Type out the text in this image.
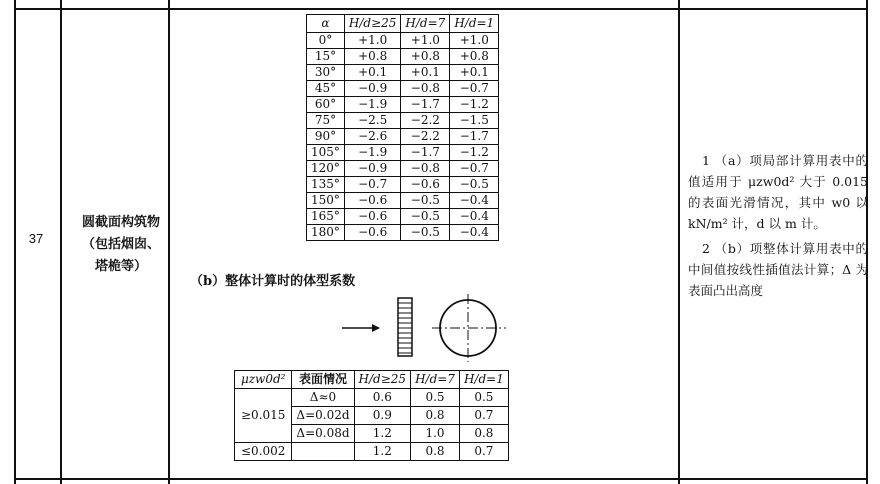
37
圆截面构筑物
（包括烟囱、
塔桅等）
α	H/d≥25	H/d=7	H/d=1
0°	+1.0	+1.0	+1.0
15°	+0.8	+0.8	+0.8
30°	+0.1	+0.1	+0.1
45°	−0.9	−0.8	−0.7
60°	−1.9	−1.7	−1.2
75°	−2.5	−2.2	−1.5
90°	−2.6	−2.2	−1.7
105°	−1.9	−1.7	−1.2
120°	−0.9	−0.8	−0.7
135°	−0.7	−0.6	−0.5
150°	−0.6	−0.5	−0.4
165°	−0.6	−0.5	−0.4
180°	−0.6	−0.5	−0.4
（b）整体计算时的体型系数
μzw0d²	表面情况	H/d≥25	H/d=7	H/d=1
≥0.015	Δ≈0	0.6	0.5	0.5
	Δ=0.02d	0.9	0.8	0.7
	Δ=0.08d	1.2	1.0	0.8
≤0.002		1.2	0.8	0.7

1 （a）项局部计算用表中的值适用于 μzw0d² 大于 0.015 的表面光滑情况，其中 w0 以 kN/m² 计，d 以 m 计。

2 （b）项整体计算用表中的中间值按线性插值法计算；Δ 为表面凸出高度
